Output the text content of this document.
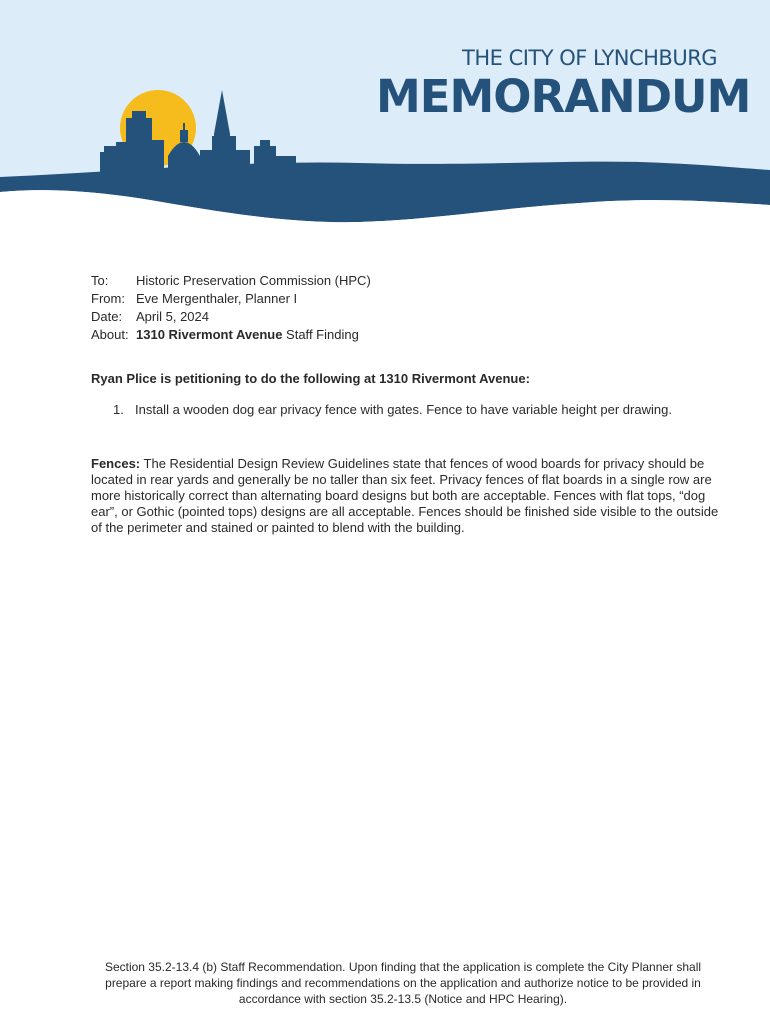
THE CITY OF LYNCHBURG
MEMORANDUM
To:	Historic Preservation Commission (HPC)
From: Eve Mergenthaler, Planner I
Date:	April 5, 2024
About: 1310 Rivermont Avenue Staff Finding
Ryan Plice is petitioning to do the following at 1310 Rivermont Avenue:
1. Install a wooden dog ear privacy fence with gates. Fence to have variable height per drawing.
Fences: The Residential Design Review Guidelines state that fences of wood boards for privacy should be located in rear yards and generally be no taller than six feet. Privacy fences of flat boards in a single row are more historically correct than alternating board designs but both are acceptable. Fences with flat tops, “dog ear”, or Gothic (pointed tops) designs are all acceptable. Fences should be finished side visible to the outside of the perimeter and stained or painted to blend with the building.
Section 35.2-13.4 (b) Staff Recommendation. Upon finding that the application is complete the City Planner shall prepare a report making findings and recommendations on the application and authorize notice to be provided in accordance with section 35.2-13.5 (Notice and HPC Hearing).
